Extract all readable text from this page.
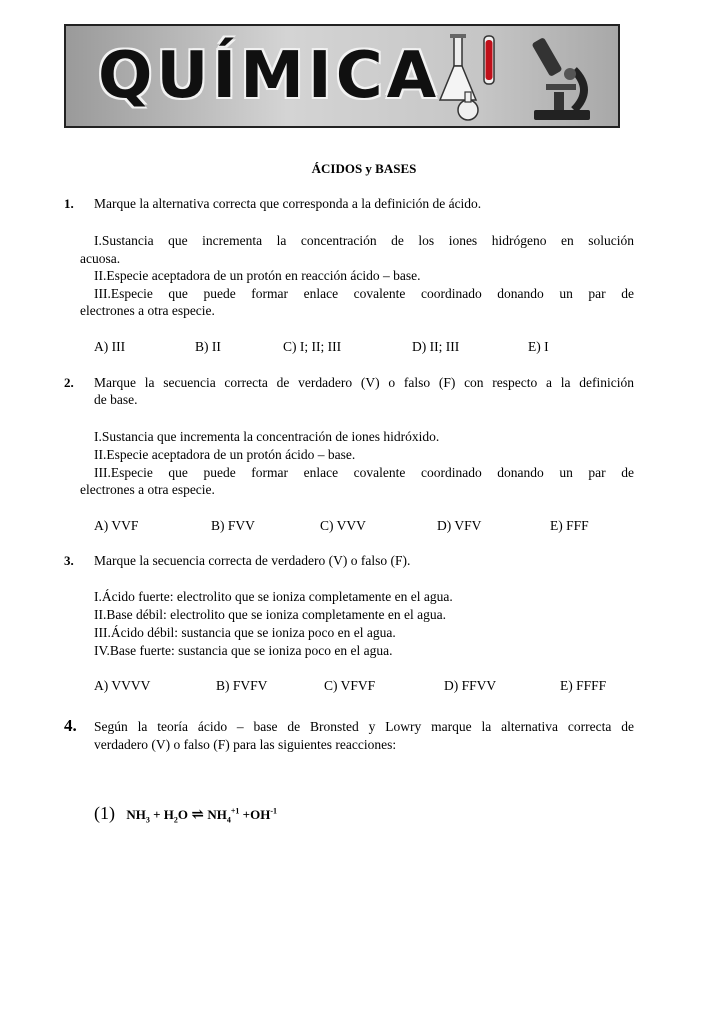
QUÍMICA
ÁCIDOS y BASES
1. Marque la alternativa correcta que corresponda a la definición de ácido.
I.Sustancia que incrementa la concentración de los iones hidrógeno en solución
acuosa.
II.Especie aceptadora de un protón en reacción ácido – base.
III.Especie que puede formar enlace covalente coordinado donando un par de
electrones a otra especie.
A) III	B) II	C) I; II; III	D) II; III	E) I
2. Marque la secuencia correcta de verdadero (V) o falso (F) con respecto a la definición
de base.
I.Sustancia que incrementa la concentración de iones hidróxido.
II.Especie aceptadora de un protón ácido – base.
III.Especie que puede formar enlace covalente coordinado donando un par de
electrones a otra especie.
A) VVF	B) FVV	C) VVV	D) VFV	E) FFF
3. Marque la secuencia correcta de verdadero (V) o falso (F).
I.Ácido fuerte: electrolito que se ioniza completamente en el agua.
II.Base débil: electrolito que se ioniza completamente en el agua.
III.Ácido débil: sustancia que se ioniza poco en el agua.
IV.Base fuerte: sustancia que se ioniza poco en el agua.
A) VVVV	B) FVFV	C) VFVF	D) FFVV	E) FFFF
4. Según la teoría ácido – base de Bronsted y Lowry marque la alternativa correcta de
verdadero (V) o falso (F) para las siguientes reacciones:
(1) $NH_3 + H_2O$ ⇌ $NH_4^{+1} +OH^{-1}$
